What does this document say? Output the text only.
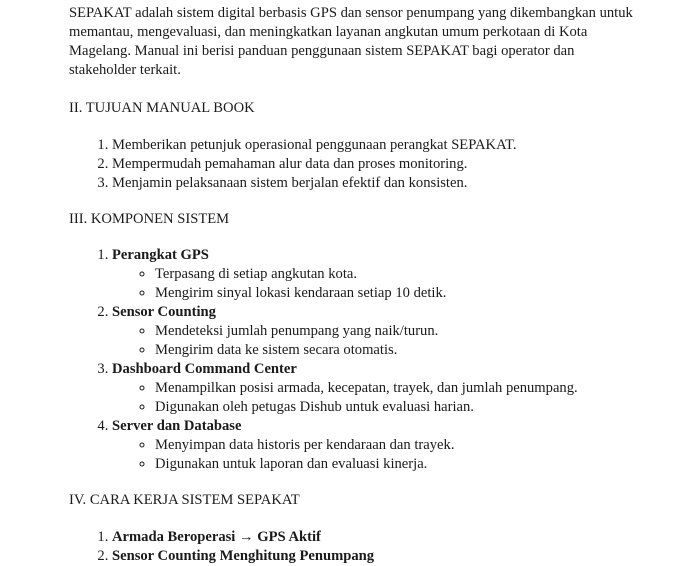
SEPAKAT adalah sistem digital berbasis GPS dan sensor penumpang yang dikembangkan untuk memantau, mengevaluasi, dan meningkatkan layanan angkutan umum perkotaan di Kota Magelang. Manual ini berisi panduan penggunaan sistem SEPAKAT bagi operator dan stakeholder terkait.

II. TUJUAN MANUAL BOOK

1. Memberikan petunjuk operasional penggunaan perangkat SEPAKAT.
2. Mempermudah pemahaman alur data dan proses monitoring.
3. Menjamin pelaksanaan sistem berjalan efektif dan konsisten.

III. KOMPONEN SISTEM

1. Perangkat GPS
◦ Terpasang di setiap angkutan kota.
◦ Mengirim sinyal lokasi kendaraan setiap 10 detik.
2. Sensor Counting
◦ Mendeteksi jumlah penumpang yang naik/turun.
◦ Mengirim data ke sistem secara otomatis.
3. Dashboard Command Center
◦ Menampilkan posisi armada, kecepatan, trayek, dan jumlah penumpang.
◦ Digunakan oleh petugas Dishub untuk evaluasi harian.
4. Server dan Database
◦ Menyimpan data historis per kendaraan dan trayek.
◦ Digunakan untuk laporan dan evaluasi kinerja.

IV. CARA KERJA SISTEM SEPAKAT

1. Armada Beroperasi → GPS Aktif
2. Sensor Counting Menghitung Penumpang
